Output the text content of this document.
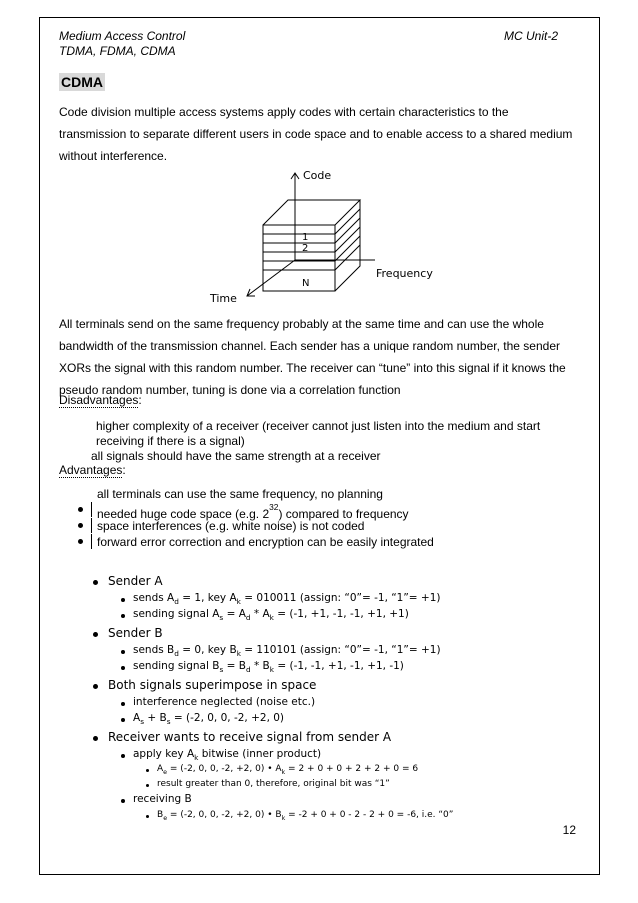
Medium Access Control
TDMA, FDMA, CDMA
MC Unit-2
CDMA
Code division multiple access systems apply codes with certain characteristics to the transmission to separate different users in code space and to enable access to a shared medium without interference.
Code
Frequency
Time
1
2
N
All terminals send on the same frequency probably at the same time and can use the whole bandwidth of the transmission channel. Each sender has a unique random number, the sender XORs the signal with this random number. The receiver can “tune” into this signal if it knows the pseudo random number, tuning is done via a correlation function
Disadvantages:
higher complexity of a receiver (receiver cannot just listen into the medium and start
receiving if there is a signal)
all signals should have the same strength at a receiver
Advantages:
all terminals can use the same frequency, no planning
needed huge code space (e.g. $2^{32}$) compared to frequency
space interferences (e.g. white noise) is not coded
forward error correction and encryption can be easily integrated
Sender A
sends $A_d = 1$, key $A_k = 010011$ (assign: “0”= -1, “1”= +1)
sending signal $A_s = A_d * A_k = (-1$, +1, -1, -1, +1, +1)
Sender B
sends $B_d = 0$, key $B_k = 110101$ (assign: “0”= -1, “1”= +1)
sending signal $B_s = B_d * B_k = (-1$, -1, +1, -1, +1, -1)
Both signals superimpose in space
interference neglected (noise etc.)
$A_s + B_s = (-2$, 0, 0, -2, +2, 0)
Receiver wants to receive signal from sender A
apply key $A_k$ bitwise (inner product)
$A_e = (-2$, 0, 0, -2, +2, 0) • $A_k = 2 + 0 + 0 + 2 + 2 + 0 = 6$
result greater than 0, therefore, original bit was “1”
receiving B
$B_e = (-2$, 0, 0, -2, +2, 0) • $B_k = -2 + 0 + 0 - 2 - 2 + 0 = -6$, i.e. “0”
12
